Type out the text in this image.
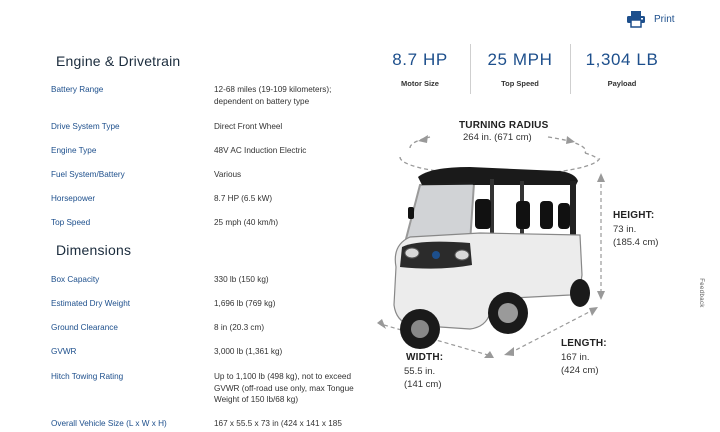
Print
Engine & Drivetrain
Battery Range	12-68 miles (19-109 kilometers); dependent on battery type
Drive System Type	Direct Front Wheel
Engine Type	48V AC Induction Electric
Fuel System/Battery	Various
Horsepower	8.7 HP (6.5 kW)
Top Speed	25 mph (40 km/h)
Dimensions
Box Capacity	330 lb (150 kg)
Estimated Dry Weight	1,696 lb (769 kg)
Ground Clearance	8 in (20.3 cm)
GVWR	3,000 lb (1,361 kg)
Hitch Towing Rating	Up to 1,100 lb (498 kg), not to exceed GVWR (off-road use only, max Tongue Weight of 150 lb/68 kg)
Overall Vehicle Size (L x W x H)	167 x 55.5 x 73 in (424 x 141 x 185
8.7 HP
Motor Size
25 MPH
Top Speed
1,304 LB
Payload
TURNING RADIUS
264 in. (671 cm)
HEIGHT:
73 in.
(185.4 cm)
WIDTH:
55.5 in.
(141 cm)
LENGTH:
167 in.
(424 cm)
Feedback
